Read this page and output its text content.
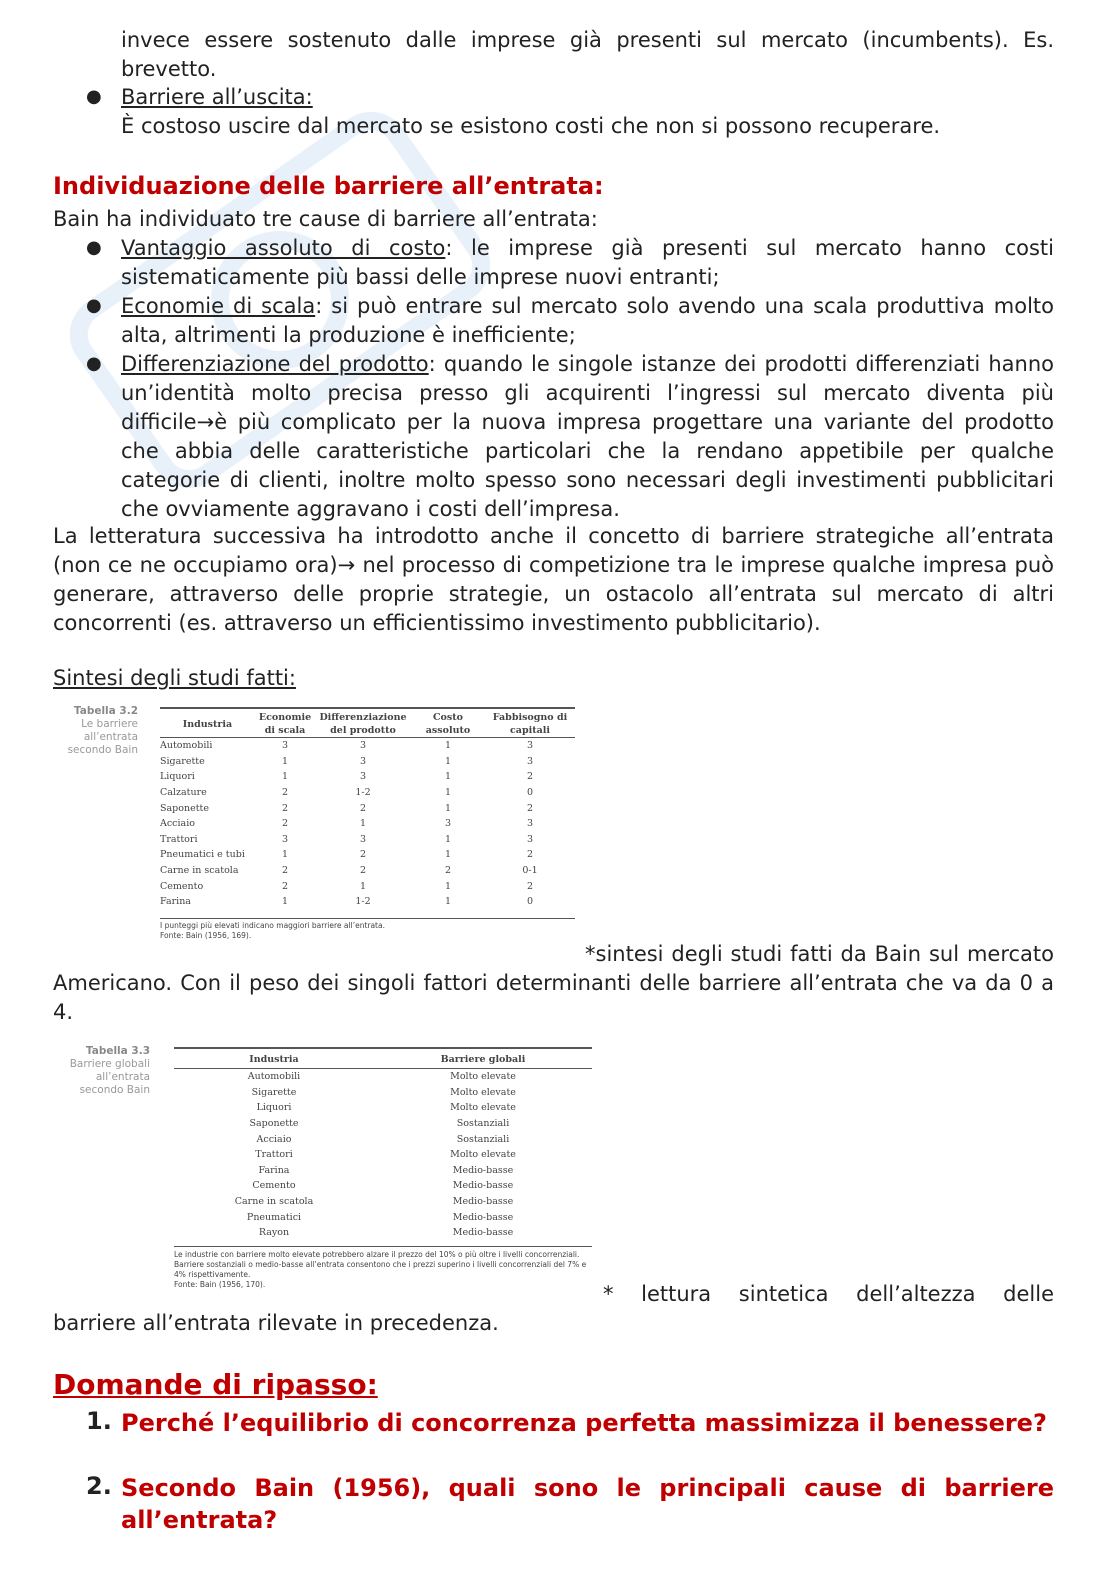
invece essere sostenuto dalle imprese già presenti sul mercato (incumbents). Es. brevetto.
● Barriere all’uscita:
È costoso uscire dal mercato se esistono costi che non si possono recuperare.
Individuazione delle barriere all’entrata:
Bain ha individuato tre cause di barriere all’entrata:
● Vantaggio assoluto di costo: le imprese già presenti sul mercato hanno costi sistematicamente più bassi delle imprese nuovi entranti;
● Economie di scala: si può entrare sul mercato solo avendo una scala produttiva molto alta, altrimenti la produzione è inefficiente;
● Differenziazione del prodotto: quando le singole istanze dei prodotti differenziati hanno un’identità molto precisa presso gli acquirenti l’ingressi sul mercato diventa più difficile→è più complicato per la nuova impresa progettare una variante del prodotto che abbia delle caratteristiche particolari che la rendano appetibile per qualche categorie di clienti, inoltre molto spesso sono necessari degli investimenti pubblicitari che ovviamente aggravano i costi dell’impresa.
La letteratura successiva ha introdotto anche il concetto di barriere strategiche all’entrata (non ce ne occupiamo ora)→ nel processo di competizione tra le imprese qualche impresa può generare, attraverso delle proprie strategie, un ostacolo all’entrata sul mercato di altri concorrenti (es. attraverso un efficientissimo investimento pubblicitario).
Sintesi degli studi fatti:
Tabella 3.2
Le barriere all’entrata secondo Bain
Industria	Economie di scala	Differenziazione del prodotto	Costo assoluto	Fabbisogno di capitali
Automobili	3	3	1	3
Sigarette	1	3	1	3
Liquori	1	3	1	2
Calzature	2	1-2	1	0
Saponette	2	2	1	2
Acciaio	2	1	3	3
Trattori	3	3	1	3
Pneumatici e tubi	1	2	1	2
Carne in scatola	2	2	2	0-1
Cemento	2	1	1	2
Farina	1	1-2	1	0
I punteggi più elevati indicano maggiori barriere all’entrata.
Fonte: Bain (1956, 169).
*sintesi degli studi fatti da Bain sul mercato Americano. Con il peso dei singoli fattori determinanti delle barriere all’entrata che va da 0 a 4.
Tabella 3.3
Barriere globali all’entrata secondo Bain
Industria	Barriere globali
Automobili	Molto elevate
Sigarette	Molto elevate
Liquori	Molto elevate
Saponette	Sostanziali
Acciaio	Sostanziali
Trattori	Molto elevate
Farina	Medio-basse
Cemento	Medio-basse
Carne in scatola	Medio-basse
Pneumatici	Medio-basse
Rayon	Medio-basse
Le industrie con barriere molto elevate potrebbero alzare il prezzo del 10% o più oltre i livelli concorrenziali. Barriere sostanziali o medio-basse all’entrata consentono che i prezzi superino i livelli concorrenziali del 7% e 4% rispettivamente.
Fonte: Bain (1956, 170).	* lettura sintetica dell’altezza delle barriere all’entrata rilevate in precedenza.
Domande di ripasso:
1. Perché l’equilibrio di concorrenza perfetta massimizza il benessere?
2. Secondo Bain (1956), quali sono le principali cause di barriere all’entrata?
